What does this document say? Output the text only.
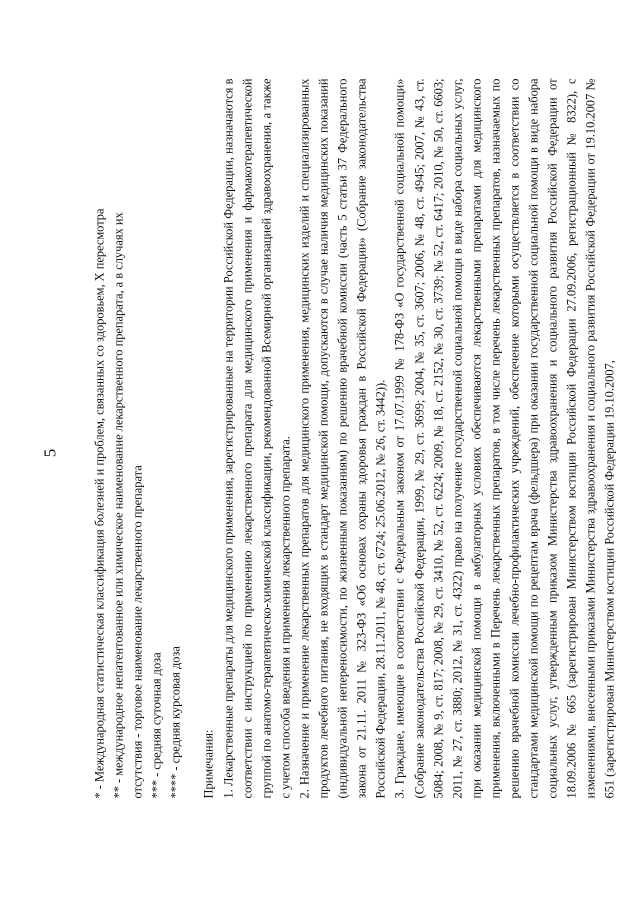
5	* - Международная статистическая классификация болезней и проблем, связанных со здоровьем, X пересмотра ** - международное непатентованное или химическое наименование лекарственного препарата, а в случаях их отсутствия - торговое наименование лекарственного препарата *** - средняя суточная доза **** - средняя курсовая доза Примечания: 1. Лекарственные препараты для медицинского применения, зарегистрированные на территории Российской Федерации, назначаются в соответствии с инструкцией по применению лекарственного препарата для медицинского применения и фармакотерапевтической группой по анатомо-терапевтическо-химической классификации, рекомендованной Всемирной организацией здравоохранения, а также с учетом способа введения и применения лекарственного препарата. 2. Назначение и применение лекарственных препаратов для медицинского применения, медицинских изделий и специализированных продуктов лечебного питания, не входящих в стандарт медицинской помощи, допускаются в случае наличия медицинских показаний (индивидуальной непереносимости, по жизненным показаниям) по решению врачебной комиссии (часть 5 статьи 37 Федерального закона от 21.11. 2011 № 323-ФЗ «Об основах охраны здоровья граждан в Российской Федерации» (Собрание законодательства Российской Федерации, 28.11.2011, № 48, ст. 6724; 25.06.2012, № 26, ст. 3442)). 3. Граждане, имеющие в соответствии с Федеральным законом от 17.07.1999 № 178-ФЗ «О государственной социальной помощи» (Собрание законодательства Российской Федерации, 1999, № 29, ст. 3699; 2004, № 35, ст. 3607; 2006, № 48, ст. 4945; 2007, № 43, ст. 5084; 2008, № 9, ст. 817; 2008, № 29, ст. 3410, № 52, ст. 6224; 2009, № 18, ст. 2152, № 30, ст. 3739; № 52, ст. 6417; 2010, № 50, ст. 6603; 2011, № 27, ст. 3880; 2012, № 31, ст. 4322) право на получение государственной социальной помощи в виде набора социальных услуг, при оказании медицинской помощи в амбулаторных условиях обеспечиваются лекарственными препаратами для медицинского применения, включенными в Перечень лекарственных препаратов, в том числе перечень лекарственных препаратов, назначаемых по решению врачебной комиссии лечебно-профилактических учреждений, обеспечение которыми осуществляется в соответствии со стандартами медицинской помощи по рецептам врача (фельдшера) при оказании государственной социальной помощи в виде набора социальных услуг, утвержденным приказом Министерства здравоохранения и социального развития Российской Федерации от 18.09.2006 № 665 (зарегистрирован Министерством юстиции Российской Федерации 27.09.2006, регистрационный № 8322), с изменениями, внесенными приказами Министерства здравоохранения и социального развития Российской Федерации от 19.10.2007 № 651 (зарегистрирован Министерством юстиции Российской Федерации 19.10.2007,
